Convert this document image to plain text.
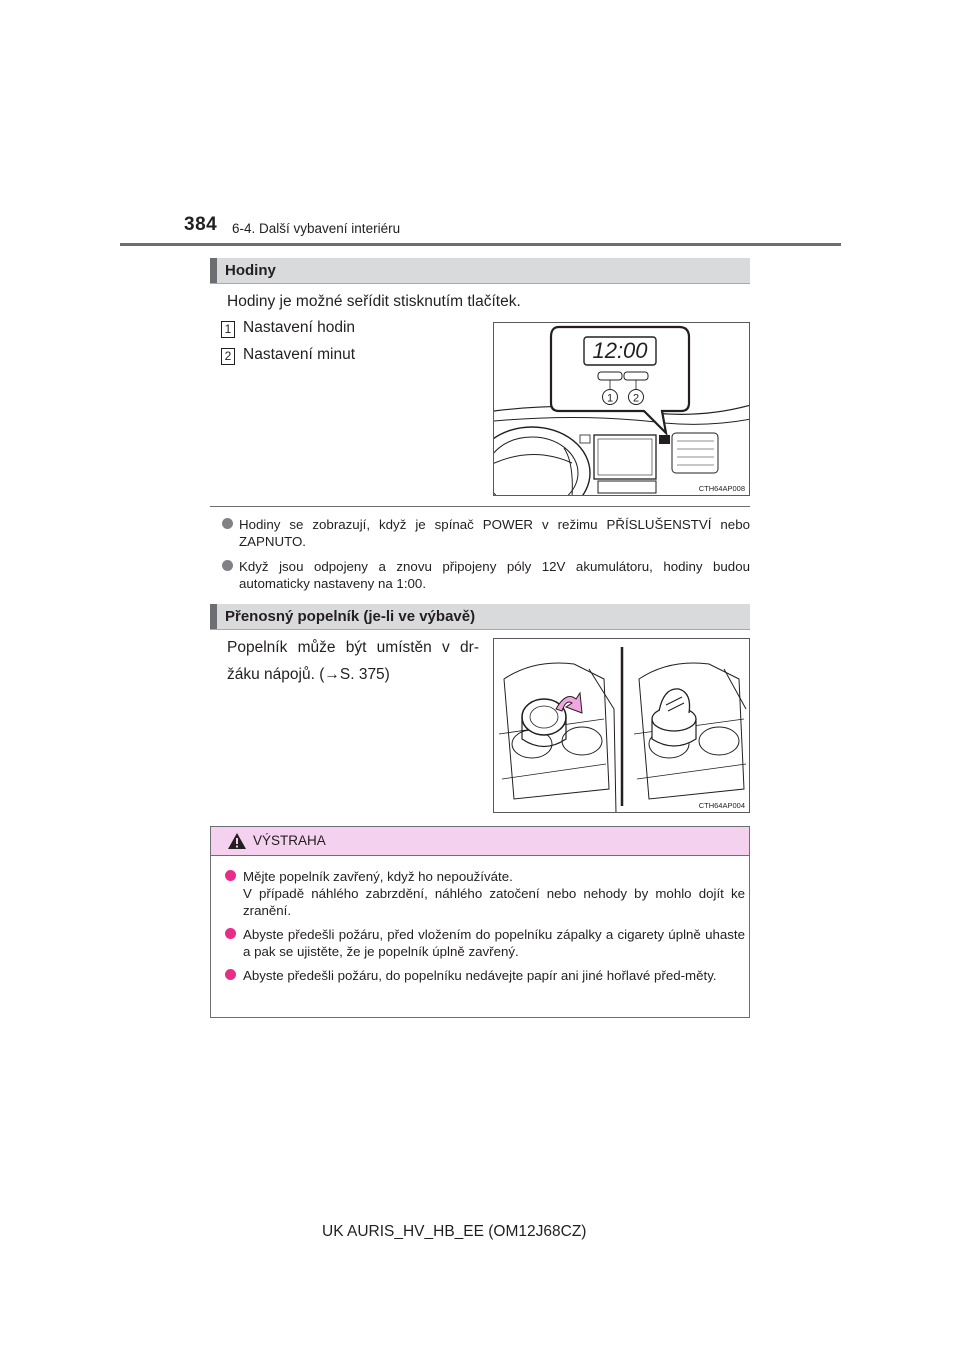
384 6-4. Další vybavení interiéru
Hodiny
Hodiny je možné seřídit stisknutím tlačítek.
1 Nastavení hodin
2 Nastavení minut	12:00
1 2
CTH64AP008
Hodiny se zobrazují, když je spínač POWER v režimu PŘÍSLUŠENSTVÍ nebo ZAPNUTO.
Když jsou odpojeny a znovu připojeny póly 12V akumulátoru, hodiny budou automaticky nastaveny na 1:00.
Přenosný popelník (je-li ve výbavě)
Popelník může být umístěn v dr-
žáku nápojů. (→S. 375)
CTH64AP004
VÝSTRAHA
Mějte popelník zavřený, když ho nepoužíváte.
V případě náhlého zabrzdění, náhlého zatočení nebo nehody by mohlo dojít ke zranění.
Abyste předešli požáru, před vložením do popelníku zápalky a cigarety úplně uhaste a pak se ujistěte, že je popelník úplně zavřený.
Abyste předešli požáru, do popelníku nedávejte papír ani jiné hořlavé před-měty.
UK AURIS_HV_HB_EE (OM12J68CZ)
